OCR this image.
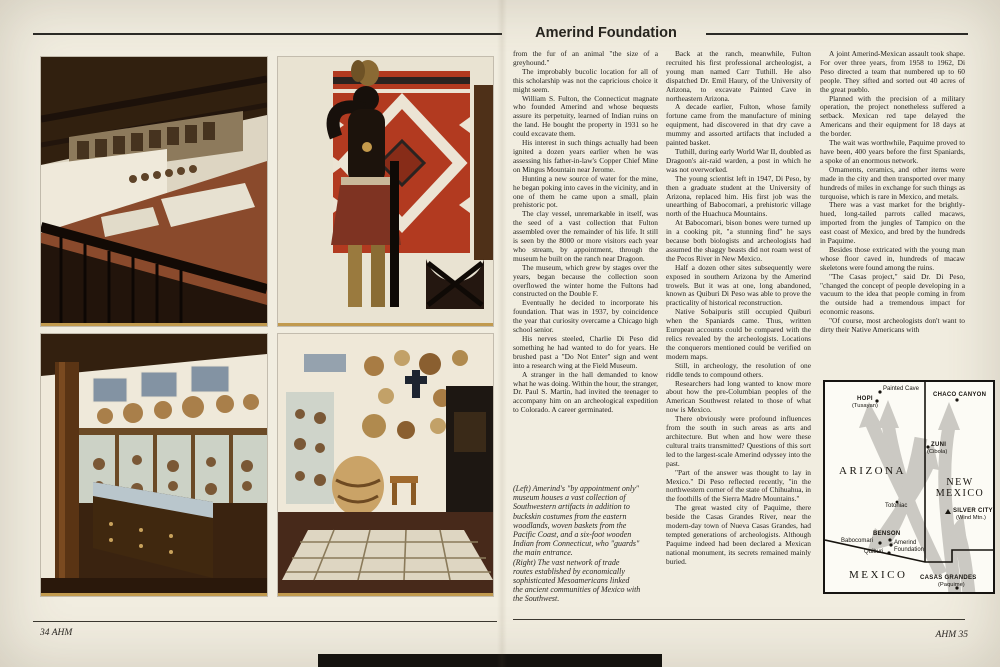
Amerind Foundation

from the fur of an animal "the size of a greyhound."

The improbably bucolic location for all of this scholarship was not the capricious choice it might seem.

William S. Fulton, the Connecticut magnate who founded Amerind and whose bequests assure its perpetuity, learned of Indian ruins on the land. He bought the property in 1931 so he could excavate them.

His interest in such things actually had been ignited a dozen years earlier when he was assessing his father-in-law's Copper Chief Mine on Mingus Mountain near Jerome.

Hunting a new source of water for the mine, he began poking into caves in the vicinity, and in one of them he came upon a small, plain prehistoric pot.

The clay vessel, unremarkable in itself, was the seed of a vast collection that Fulton assembled over the remainder of his life. It still is seen by the 8000 or more visitors each year who stream, by appointment, through the museum he built on the ranch near Dragoon.

The museum, which grew by stages over the years, began because the collection soon overflowed the winter home the Fultons had constructed on the Double F.

Eventually he decided to incorporate his foundation. That was in 1937, by coincidence the year that curiosity overcame a Chicago high school senior.

His nerves steeled, Charlie Di Peso did something he had wanted to do for years. He brushed past a "Do Not Enter" sign and went into a research wing at the Field Museum.

A stranger in the hall demanded to know what he was doing. Within the hour, the stranger, Dr. Paul S. Martin, had invited the teenager to accompany him on an archeological expedition to Colorado. A career germinated.

(Left) Amerind's "by appointment only" museum houses a vast collection of Southwestern artifacts in addition to buckskin costumes from the eastern woodlands, woven baskets from the Pacific Coast, and a six-foot wooden Indian from Connecticut, who "guards" the main entrance.

(Right) The vast network of trade routes established by economically sophisticated Mesoamericans linked the ancient communities of Mexico with the Southwest.

Back at the ranch, meanwhile, Fulton recruited his first professional archeologist, a young man named Carr Tuthill. He also dispatched Dr. Emil Haury, of the University of Arizona, to excavate Painted Cave in northeastern Arizona.

A decade earlier, Fulton, whose family fortune came from the manufacture of mining equipment, had discovered in that dry cave a mummy and assorted artifacts that included a painted basket.

Tuthill, during early World War II, doubled as Dragoon's air-raid warden, a post in which he was not overworked.

The young scientist left in 1947, Di Peso, by then a graduate student at the University of Arizona, replaced him. His first job was the unearthing of Babocomari, a prehistoric village north of the Huachuca Mountains.

At Babocomari, bison bones were turned up in a cooking pit, "a stunning find" he says because both biologists and archeologists had assumed the shaggy beasts did not roam west of the Pecos River in New Mexico.

Half a dozen other sites subsequently were exposed in southern Arizona by the Amerind trowels. But it was at one, long abandoned, known as Quiburi Di Peso was able to prove the practicality of historical reconstruction.

Native Sobaipuris still occupied Quiburi when the Spaniards came. Thus, written European accounts could be compared with the relics revealed by the archeologists. Locations the conquerors mentioned could be verified on modern maps.

Still, in archeology, the resolution of one riddle tends to compound others.

Researchers had long wanted to know more about how the pre-Columbian peoples of the American Southwest related to those of what now is Mexico.

There obviously were profound influences from the south in such areas as arts and architecture. But when and how were these cultural traits transmitted? Questions of this sort led to the largest-scale Amerind odyssey into the past.

"Part of the answer was thought to lay in Mexico." Di Peso reflected recently, "in the northwestern corner of the state of Chihuahua, in the foothills of the Sierra Madre Mountains."

The great wasted city of Paquime, there beside the Casas Grandes River, near the modern-day town of Nueva Casas Grandes, had tempted generations of archeologists. Although Paquime indeed had been declared a Mexican national monument, its secrets remained mainly buried.

A joint Amerind-Mexican assault took shape. For over three years, from 1958 to 1962, Di Peso directed a team that numbered up to 60 people. They sifted and sorted out 40 acres of the great pueblo.

Planned with the precision of a military operation, the project nonetheless suffered a setback. Mexican red tape delayed the Americans and their equipment for 18 days at the border.

The wait was worthwhile, Paquime proved to have been, 400 years before the first Spaniards, a spoke of an enormous network.

Ornaments, ceramics, and other items were made in the city and then transported over many hundreds of miles in exchange for such things as turquoise, which is rare in Mexico, and metals.

There was a vast market for the brightly-hued, long-tailed parrots called macaws, imported from the jungles of Tampico on the east coast of Mexico, and bred by the hundreds in Paquime.

Besides those extricated with the young man whose floor caved in, hundreds of macaw skeletons were found among the ruins.

"The Casas project," said Dr. Di Peso, "changed the concept of people developing in a vacuum to the idea that people coming in from the outside had a tremendous impact for economic reasons.

"Of course, most archeologists don't want to dirty their Native Americans with

Painted Cave
HOPI
(Tusayan)
CHACO CANYON
ZUNI
(Cibola)
ARIZONA
NEW MEXICO
Totoniac
SILVER CITY
(Wind Mtn.)
BENSON
Babocomari	Amerind Foundation
Quiburi
MEXICO CASAS GRANDES
(Paquime)
34 AHM	AHM 35
